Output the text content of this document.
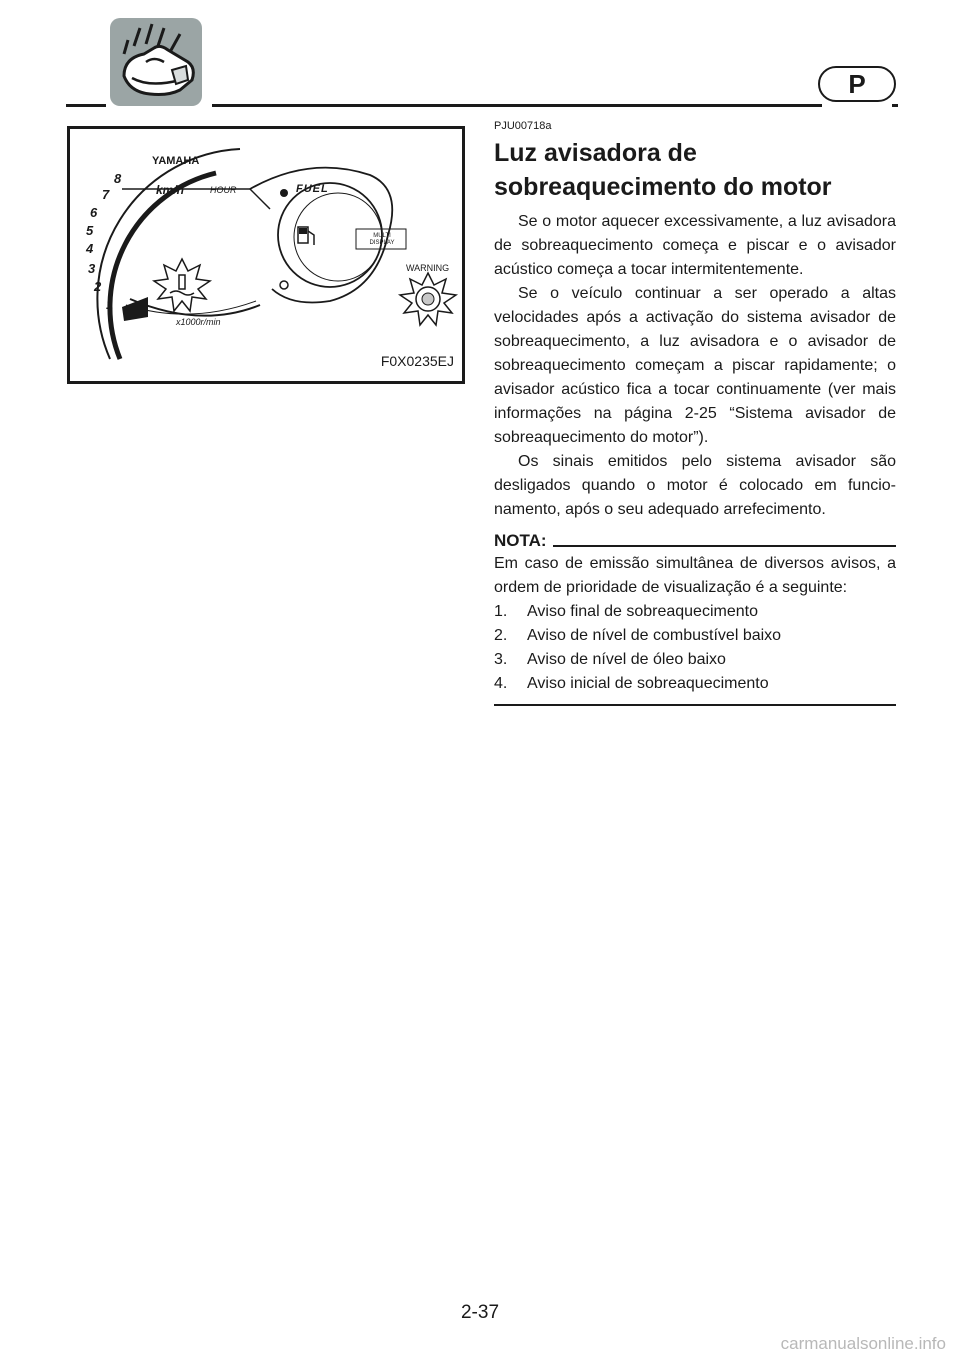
P
YAMAHA
km/h	HOUR	FUEL
MULTI DISPLAY
x1000r/min
WARNING
1
2
3
4
5
6
7
8
F0X0235EJ
PJU00718a
Luz avisadora de
sobreaquecimento do motor

Se o motor aquecer excessivamente, a luz avisadora de sobreaquecimento começa e piscar e o avisador acústico começa a tocar intermitentemente.

Se o veículo continuar a ser operado a altas velocidades após a activação do sistema avisador de sobreaquecimento, a luz avisadora e o avisador de sobreaquecimento começam a piscar rapidamente; o avisador acústico fica a tocar continuamente (ver mais informações na página 2-25 “Sistema avisador de sobreaquecimento do motor”).

Os sinais emitidos pelo sistema avisador são desligados quando o motor é colocado em funcionamento, após o seu adequado arrefecimento.

NOTA:

Em caso de emissão simultânea de diversos avisos, a ordem de prioridade de visualização é a seguinte:

1.	Aviso final de sobreaquecimento
2.	Aviso de nível de combustível baixo
3.	Aviso de nível de óleo baixo
4.	Aviso inicial de sobreaquecimento
2-37
carmanualsonline.info
